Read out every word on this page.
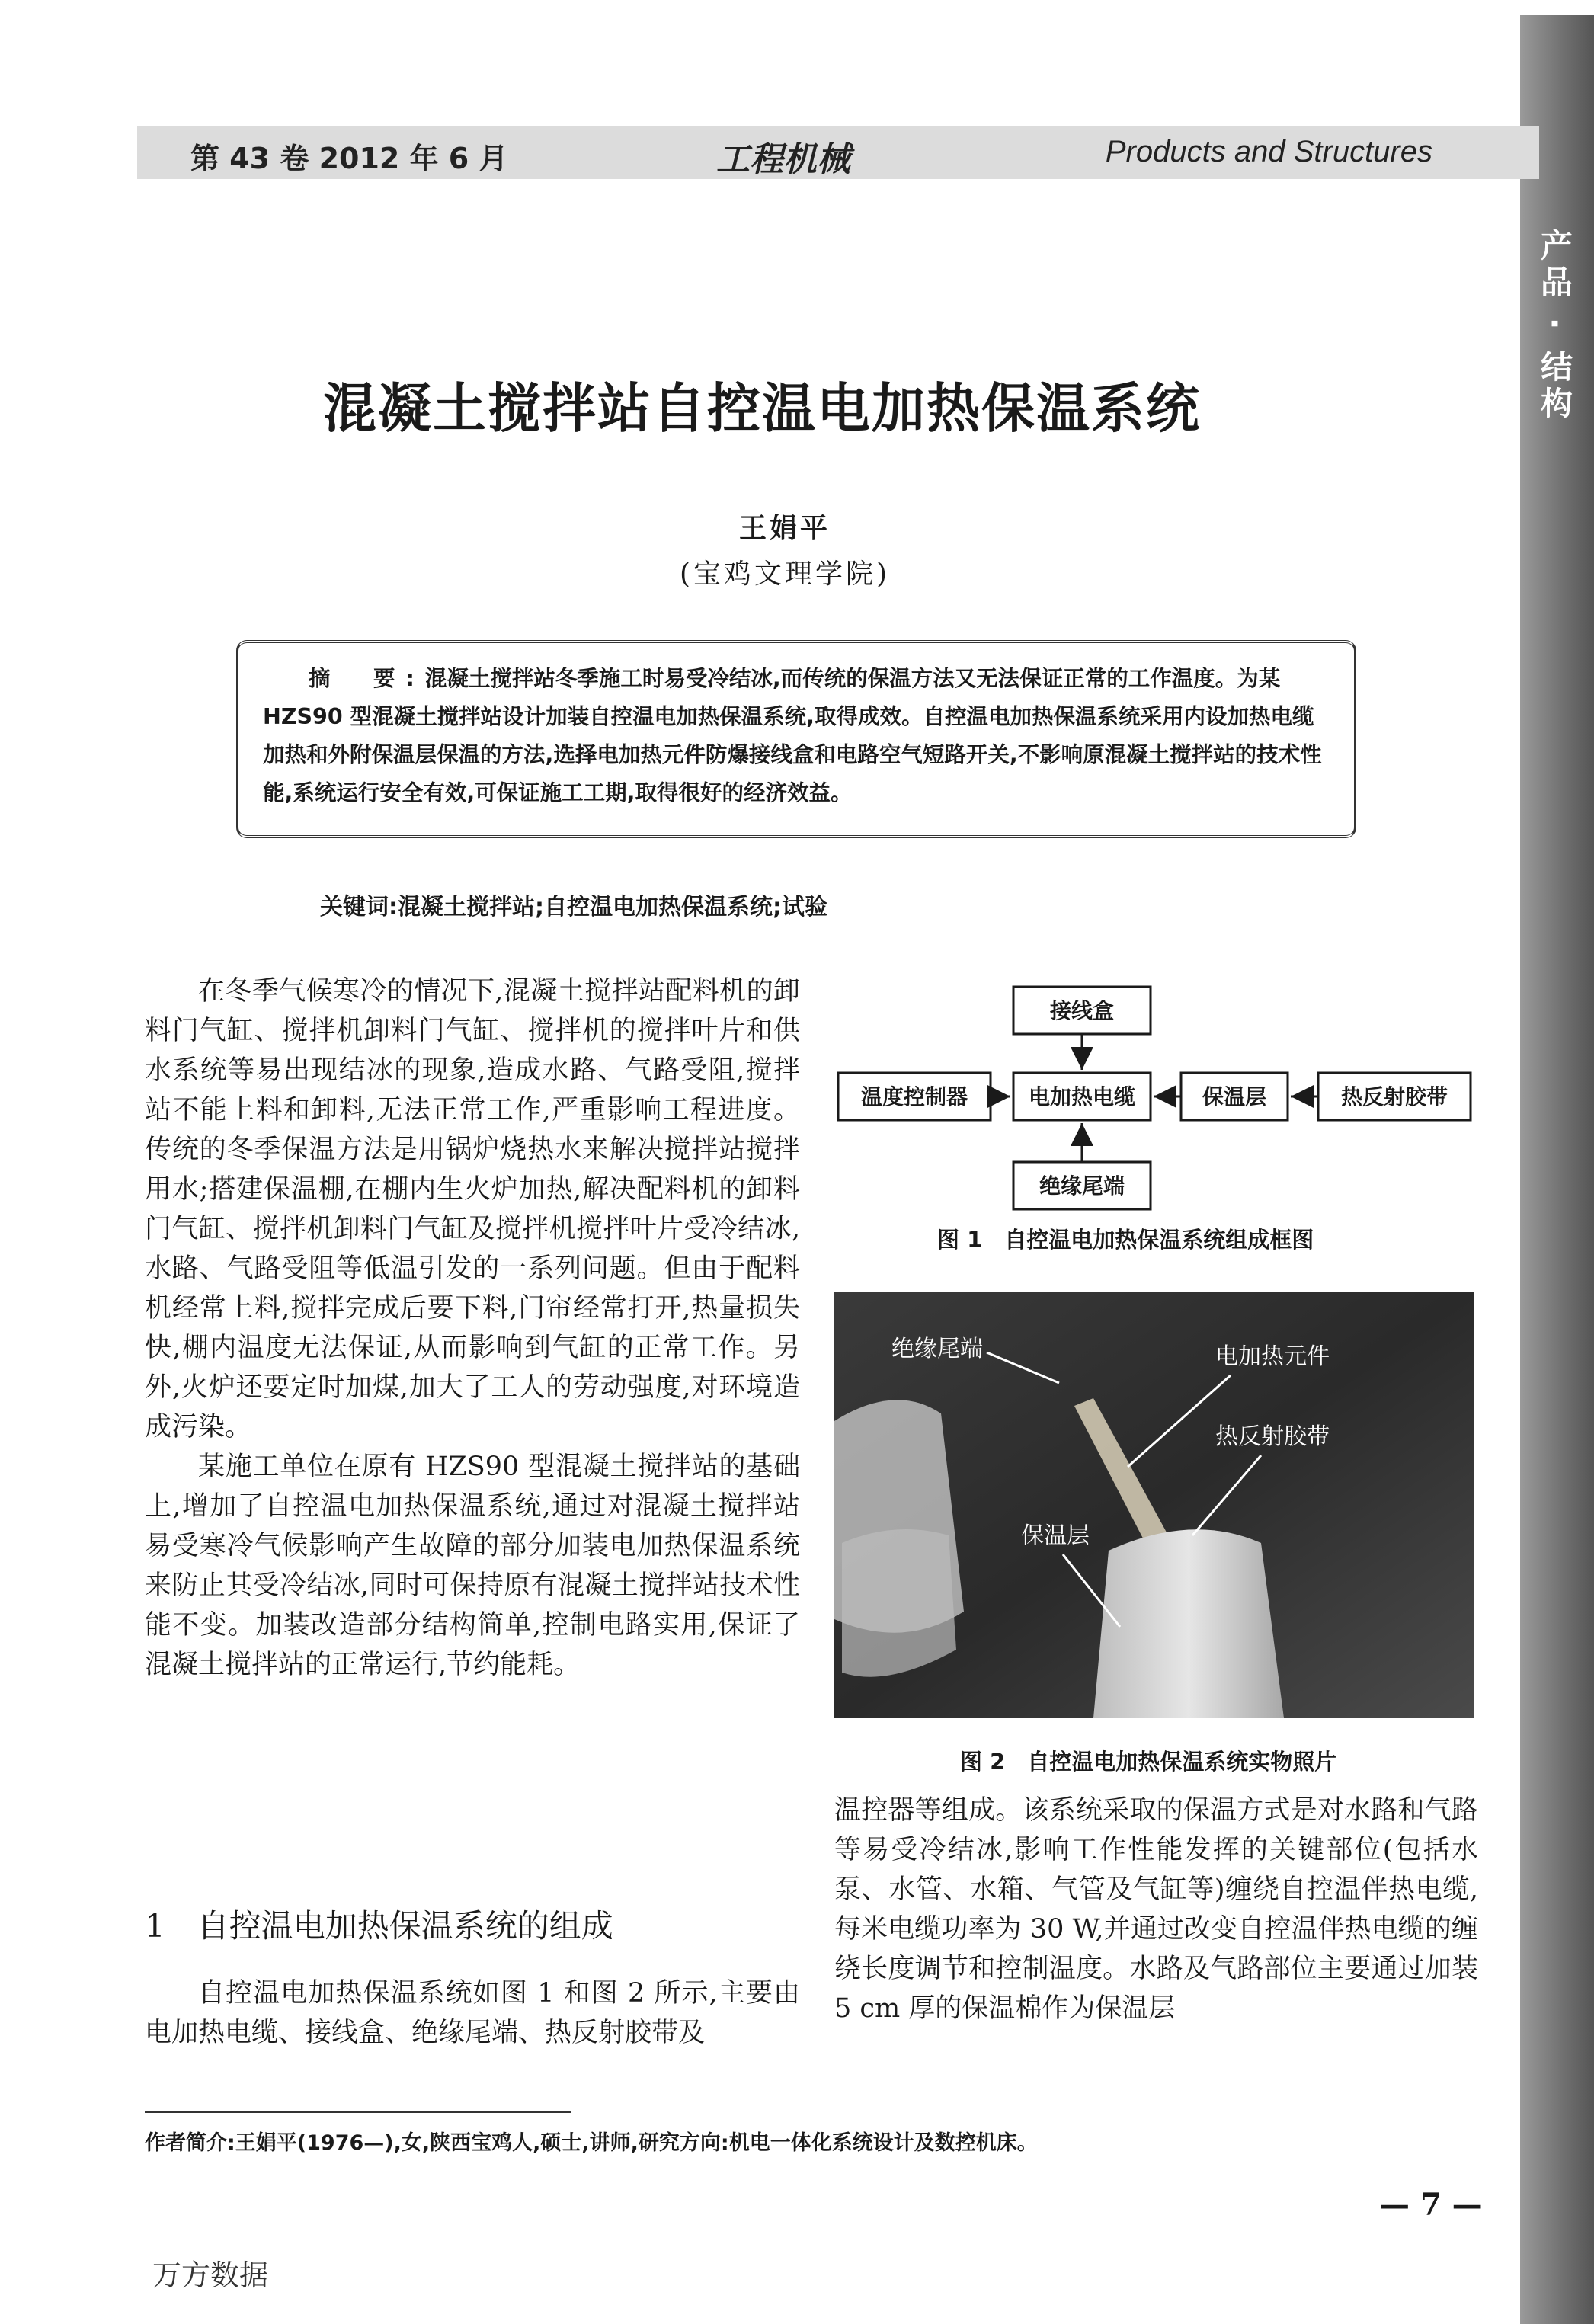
产品 · 结构
第 43 卷 2012 年 6 月	工程机械	Products and Structures
混凝土搅拌站自控温电加热保温系统
王娟平
(宝鸡文理学院)
摘　要:混凝土搅拌站冬季施工时易受冷结冰,而传统的保温方法又无法保证正常的工作温度。为某 HZS90 型混凝土搅拌站设计加装自控温电加热保温系统,取得成效。自控温电加热保温系统采用内设加热电缆加热和外附保温层保温的方法,选择电加热元件防爆接线盒和电路空气短路开关,不影响原混凝土搅拌站的技术性能,系统运行安全有效,可保证施工工期,取得很好的经济效益。
关键词:混凝土搅拌站;自控温电加热保温系统;试验

在冬季气候寒冷的情况下,混凝土搅拌站配料机的卸料门气缸、搅拌机卸料门气缸、搅拌机的搅拌叶片和供水系统等易出现结冰的现象,造成水路、气路受阻,搅拌站不能上料和卸料,无法正常工作,严重影响工程进度。传统的冬季保温方法是用锅炉烧热水来解决搅拌站搅拌用水;搭建保温棚,在棚内生火炉加热,解决配料机的卸料门气缸、搅拌机卸料门气缸及搅拌机搅拌叶片受冷结冰,水路、气路受阻等低温引发的一系列问题。但由于配料机经常上料,搅拌完成后要下料,门帘经常打开,热量损失快,棚内温度无法保证,从而影响到气缸的正常工作。另外,火炉还要定时加煤,加大了工人的劳动强度,对环境造成污染。

某施工单位在原有 HZS90 型混凝土搅拌站的基础上,增加了自控温电加热保温系统,通过对混凝土搅拌站易受寒冷气候影响产生故障的部分加装电加热保温系统来防止其受冷结冰,同时可保持原有混凝土搅拌站技术性能不变。加装改造部分结构简单,控制电路实用,保证了混凝土搅拌站的正常运行,节约能耗。

1　自控温电加热保温系统的组成
自控温电加热保温系统如图 1 和图 2 所示,主要由电加热电缆、接线盒、绝缘尾端、热反射胶带及
接线盒
温度控制器	电加热电缆	保温层	热反射胶带
绝缘尾端
图 1　自控温电加热保温系统组成框图
绝缘尾端	电加热元件
热反射胶带
保温层
图 2　自控温电加热保温系统实物照片

温控器等组成。该系统采取的保温方式是对水路和气路等易受冷结冰,影响工作性能发挥的关键部位(包括水泵、水管、水箱、气管及气缸等)缠绕自控温伴热电缆,每米电缆功率为 30 W,并通过改变自控温伴热电缆的缠绕长度调节和控制温度。水路及气路部位主要通过加装 5 cm 厚的保温棉作为保温层

作者简介:王娟平(1976—),女,陕西宝鸡人,硕士,讲师,研究方向:机电一体化系统设计及数控机床。
— 7 —
万方数据
